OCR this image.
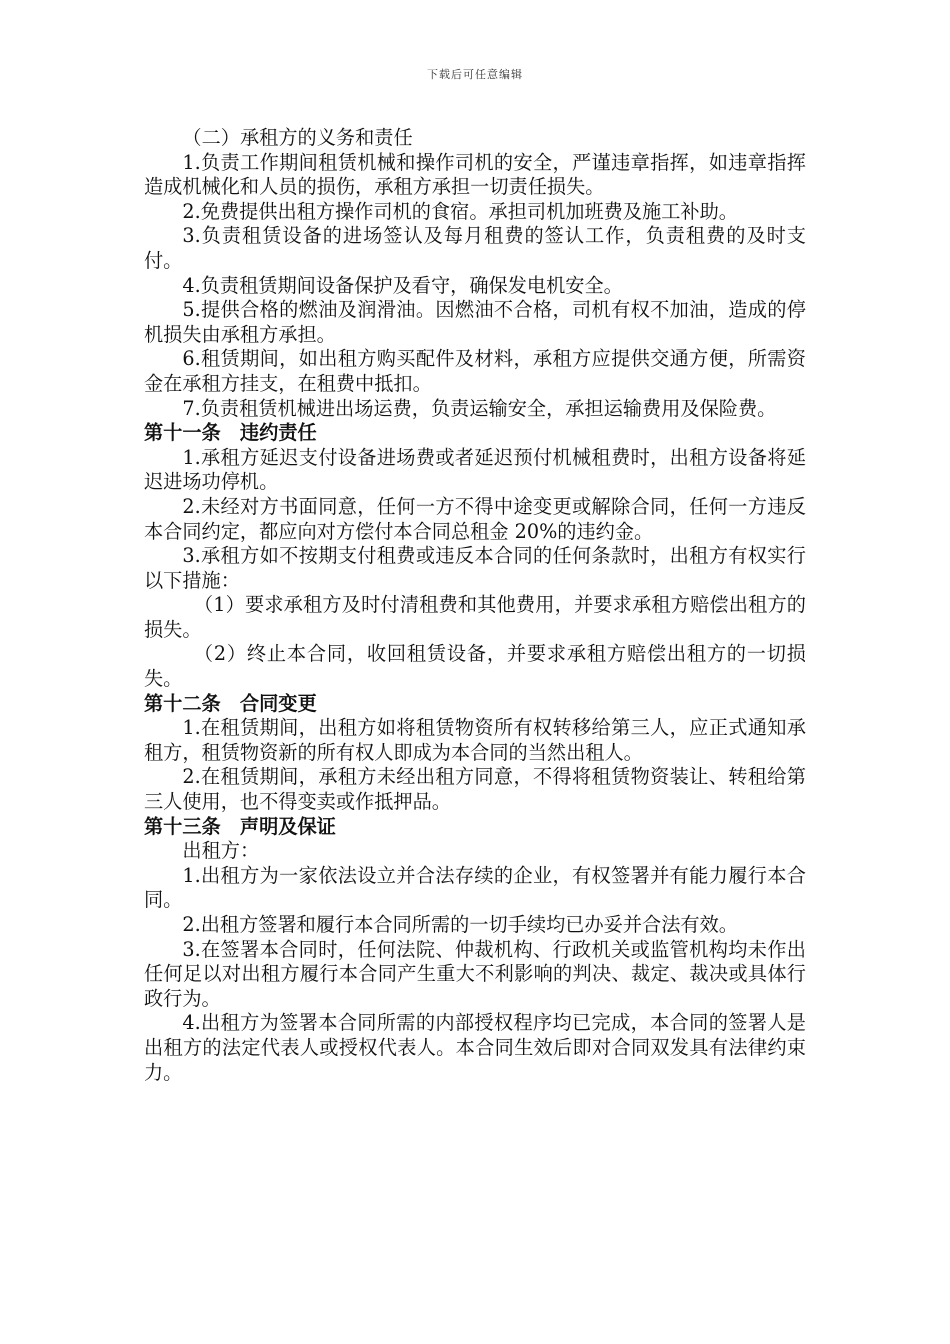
下载后可任意编辑

（二）承租方的义务和责任

1.负责工作期间租赁机械和操作司机的安全，严谨违章指挥，如违章指挥造成机械化和人员的损伤，承租方承担一切责任损失。

2.免费提供出租方操作司机的食宿。承担司机加班费及施工补助。

3.负责租赁设备的进场签认及每月租费的签认工作，负责租费的及时支付。

4.负责租赁期间设备保护及看守，确保发电机安全。

5.提供合格的燃油及润滑油。因燃油不合格，司机有权不加油，造成的停机损失由承租方承担。

6.租赁期间，如出租方购买配件及材料，承租方应提供交通方便，所需资金在承租方挂支，在租费中抵扣。

7.负责租赁机械进出场运费，负责运输安全，承担运输费用及保险费。

第十一条　违约责任

1.承租方延迟支付设备进场费或者延迟预付机械租费时，出租方设备将延迟进场功停机。

2.未经对方书面同意，任何一方不得中途变更或解除合同，任何一方违反本合同约定，都应向对方偿付本合同总租金 20%的违约金。

3.承租方如不按期支付租费或违反本合同的任何条款时，出租方有权实行以下措施：

（1）要求承租方及时付清租费和其他费用，并要求承租方赔偿出租方的损失。

（2）终止本合同，收回租赁设备，并要求承租方赔偿出租方的一切损失。

第十二条　合同变更

1.在租赁期间，出租方如将租赁物资所有权转移给第三人，应正式通知承租方，租赁物资新的所有权人即成为本合同的当然出租人。

2.在租赁期间，承租方未经出租方同意，不得将租赁物资装让、转租给第三人使用，也不得变卖或作抵押品。

第十三条　声明及保证

出租方：

1.出租方为一家依法设立并合法存续的企业，有权签署并有能力履行本合同。

2.出租方签署和履行本合同所需的一切手续均已办妥并合法有效。

3.在签署本合同时，任何法院、仲裁机构、行政机关或监管机构均未作出任何足以对出租方履行本合同产生重大不利影响的判决、裁定、裁决或具体行政行为。

4.出租方为签署本合同所需的内部授权程序均已完成，本合同的签署人是出租方的法定代表人或授权代表人。本合同生效后即对合同双发具有法律约束力。
